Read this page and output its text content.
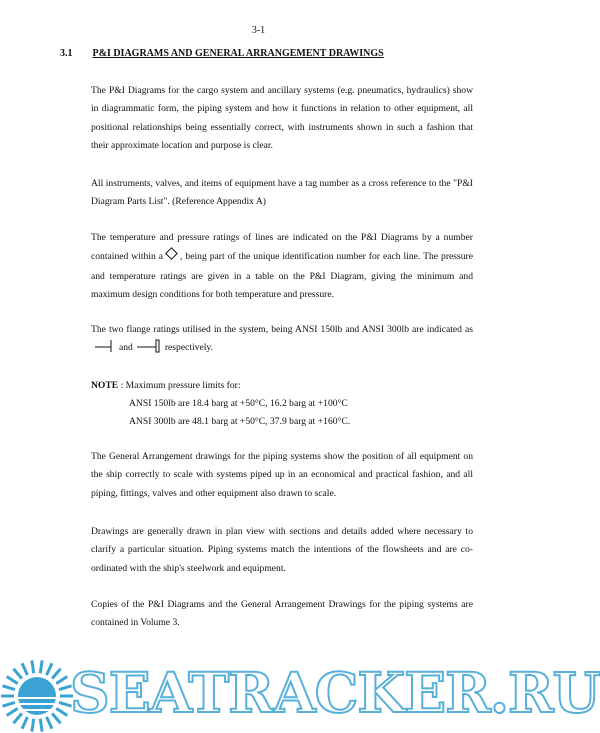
3-1
3.1 P&I DIAGRAMS AND GENERAL ARRANGEMENT DRAWINGS

The P&I Diagrams for the cargo system and ancillary systems (e.g. pneumatics, hydraulics) show in diagrammatic form, the piping system and how it functions in relation to other equipment, all positional relationships being essentially correct, with instruments shown in such a fashion that their approximate location and purpose is clear.

All instruments, valves, and items of equipment have a tag number as a cross reference to the "P&I Diagram Parts List". (Reference Appendix A)

The temperature and pressure ratings of lines are indicated on the P&I Diagrams by a number contained within a , being part of the unique identification number for each line. The pressure and temperature ratings are given in a table on the P&I Diagram, giving the minimum and maximum design conditions for both temperature and pressure.

The two flange ratings utilised in the system, being ANSI 150lb and ANSI 300lb are indicated asand	respectively.

NOTE : Maximum pressure limits for:
ANSI 150lb are 18.4 barg at +50°C, 16.2 barg at +100°C
ANSI 300lb are 48.1 barg at +50°C, 37.9 barg at +160°C.

The General Arrangement drawings for the piping systems show the position of all equipment on the ship correctly to scale with systems piped up in an economical and practical fashion, and all piping, fittings, valves and other equipment also drawn to scale.

Drawings are generally drawn in plan view with sections and details added where necessary to clarify a particular situation. Piping systems match the intentions of the flowsheets and are co-ordinated with the ship's steelwork and equipment.

Copies of the P&I Diagrams and the General Arrangement Drawings for the piping systems are contained in Volume 3.

SEATRACKER.RU
